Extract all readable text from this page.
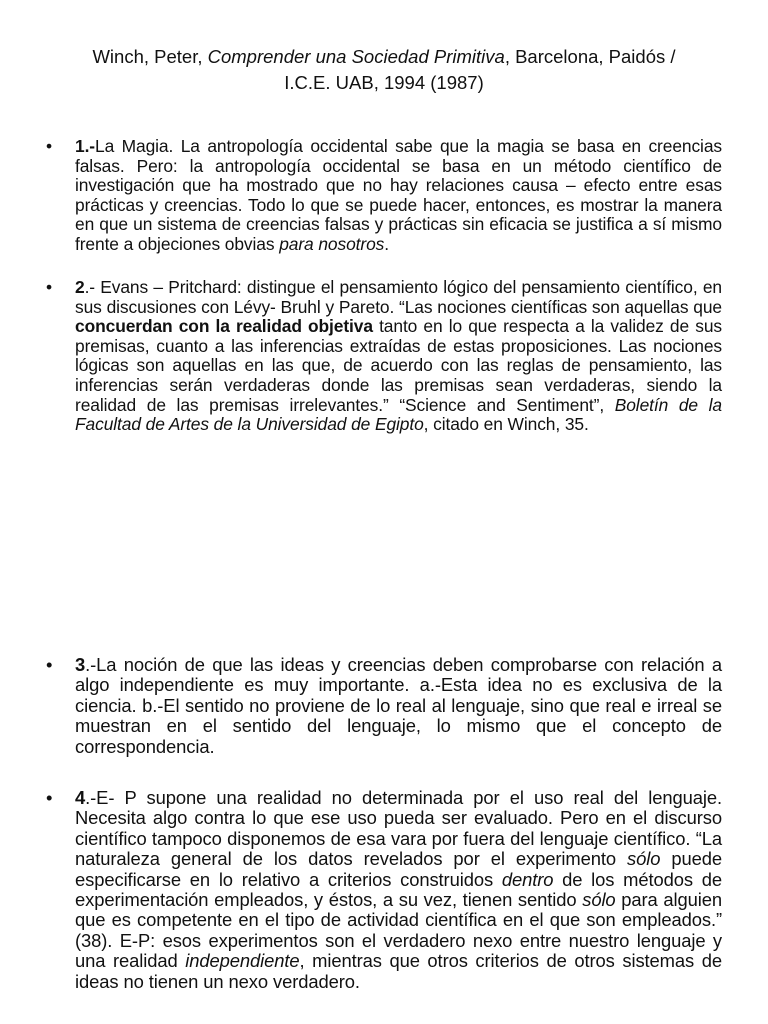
Winch, Peter, Comprender una Sociedad Primitiva, Barcelona, Paidós /
I.C.E. UAB, 1994 (1987)
• 1.-La Magia. La antropología occidental sabe que la magia se basa en creencias falsas. Pero: la antropología occidental se basa en un método científico de investigación que ha mostrado que no hay relaciones causa – efecto entre esas prácticas y creencias. Todo lo que se puede hacer, entonces, es mostrar la manera en que un sistema de creencias falsas y prácticas sin eficacia se justifica a sí mismo frente a objeciones obvias para nosotros.
• 2.- Evans – Pritchard: distingue el pensamiento lógico del pensamiento científico, en sus discusiones con Lévy- Bruhl y Pareto. “Las nociones científicas son aquellas que concuerdan con la realidad objetiva tanto en lo que respecta a la validez de sus premisas, cuanto a las inferencias extraídas de estas proposiciones. Las nociones lógicas son aquellas en las que, de acuerdo con las reglas de pensamiento, las inferencias serán verdaderas donde las premisas sean verdaderas, siendo la realidad de las premisas irrelevantes.” “Science and Sentiment”, Boletín de la Facultad de Artes de la Universidad de Egipto, citado en Winch, 35.
• 3.-La noción de que las ideas y creencias deben comprobarse con relación a algo independiente es muy importante. a.-Esta idea no es exclusiva de la ciencia. b.-El sentido no proviene de lo real al lenguaje, sino que real e irreal se muestran en el sentido del lenguaje, lo mismo que el concepto de correspondencia.
• 4.-E- P supone una realidad no determinada por el uso real del lenguaje. Necesita algo contra lo que ese uso pueda ser evaluado. Pero en el discurso científico tampoco disponemos de esa vara por fuera del lenguaje científico. “La naturaleza general de los datos revelados por el experimento sólo puede especificarse en lo relativo a criterios construidos dentro de los métodos de experimentación empleados, y éstos, a su vez, tienen sentido sólo para alguien que es competente en el tipo de actividad científica en el que son empleados.” (38). E-P: esos experimentos son el verdadero nexo entre nuestro lenguaje y una realidad independiente, mientras que otros criterios de otros sistemas de ideas no tienen un nexo verdadero.
